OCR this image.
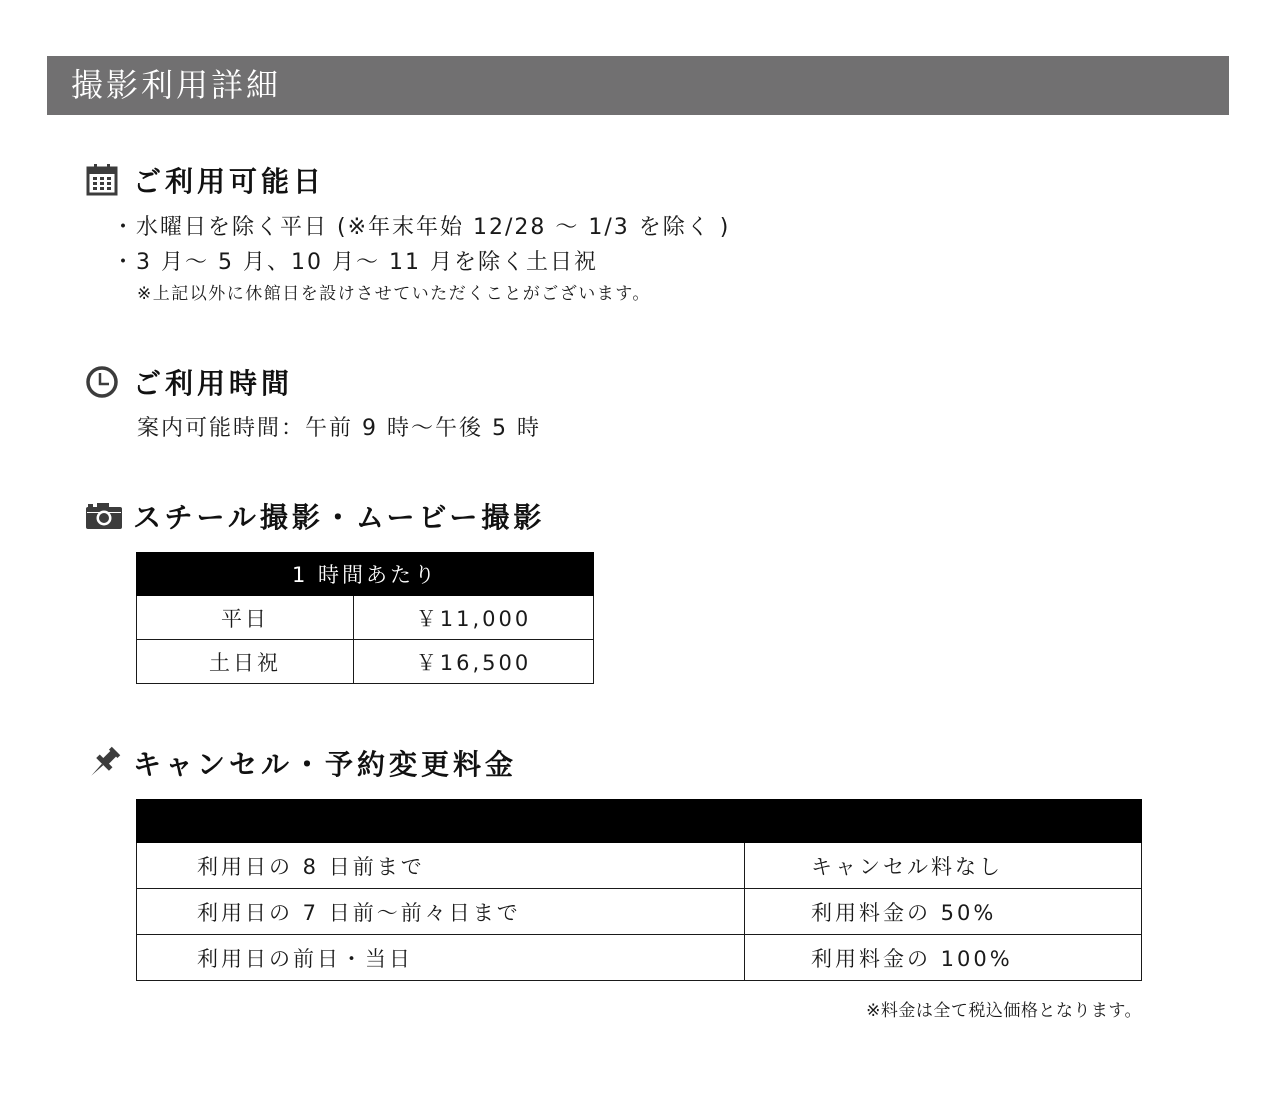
撮影利用詳細
ご利用可能日
・水曜日を除く平日 (※年末年始 12/28 ～ 1/3 を除く )
・3 月～ 5 月、10 月～ 11 月を除く土日祝
※上記以外に休館日を設けさせていただくことがございます。
ご利用時間
案内可能時間：午前 9 時～午後 5 時
スチール撮影・ムービー撮影
1 時間あたり	
平日	￥11,000
土日祝	￥16,500
キャンセル・予約変更料金

利用日の 8 日前まで	キャンセル料なし
利用日の 7 日前～前々日まで	利用料金の 50%
利用日の前日・当日	利用料金の 100%
※料金は全て税込価格となります。
